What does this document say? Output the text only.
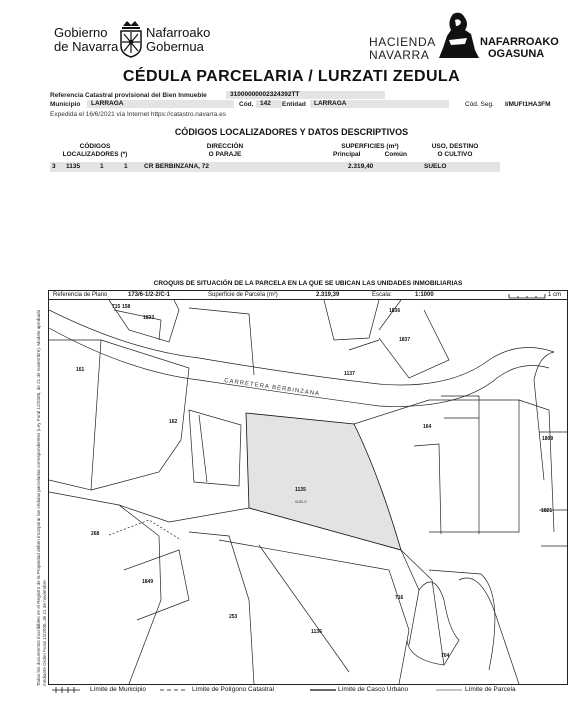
Gobierno
de Navarra
Nafarroako
Gobernua	HACIENDA
NAVARRA
NAFARROAKO
OGASUNA
CÉDULA PARCELARIA / LURZATI ZEDULA
Referencia Catastral provisional del Bien Inmueble	31000000002324392TT
Municipio	LARRAGA	Cód.	142	Entidad	LARRAGA	Cód. Seg. I/MUFI1HA3FM
Expedida el 16/6/2021 vía Internet https://catastro.navarra.es
CÓDIGOS LOCALIZADORES Y DATOS DESCRIPTIVOS
CÓDIGOS
LOCALIZADORES (*)
DIRECCIÓN
O PARAJE
SUPERFICIES (m²)
Principal	Común
USO, DESTINO
O CULTIVO
3 1135	1	1	CR BERBINZANA, 72	2.319,40	SUELO
CROQUIS DE SITUACIÓN DE LA PARCELA EN LA QUE SE UBICAN LAS UNIDADES INMOBILIARIAS
Referencia de Plano	173/6-1/2-2/C-1	Superficie de Parcela (m²)	2.319,39	Escala:	1:1000	1 cm
CARRETERA BERBINZANA
1135
162
161
164
1837
1836
1833
715 158
1137
268
1849
253
1136
716
704
1821
1809
SUELO
Todos los documentos inscribibles en el Registro de la Propiedad deben incorporar las cédulas parcelarias correspondientes (Ley Foral 12/2006, de 21 de noviembre). Modelo aprobado mediante Orden Foral 12/2006, de 21 de noviembre
Límite de Municipio	Límite de Polígono Catastral	Límite de Casco Urbano	Límite de Parcela
